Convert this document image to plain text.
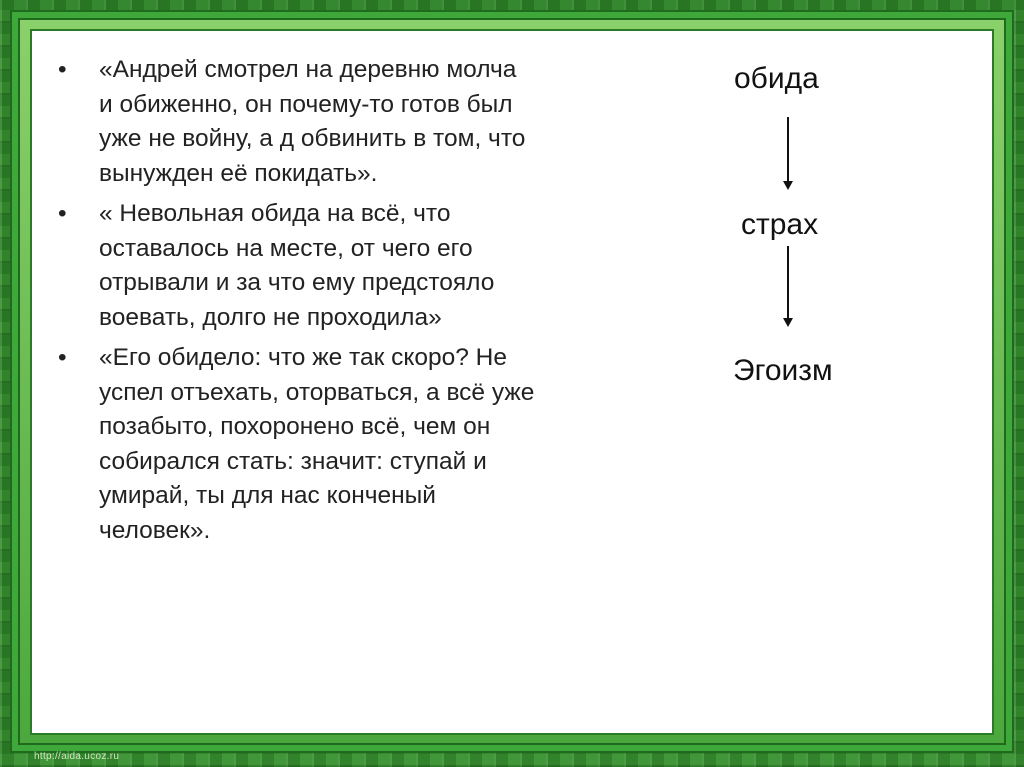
• «Андрей смотрел на деревню молча
и обиженно, он почему-то готов был
уже не войну, а д обвинить в том, что
вынужден её покидать».
• « Невольная обида на всё, что
оставалось на месте, от чего его
отрывали и за что ему предстояло
воевать, долго не проходила»
• «Его обидело: что же так скоро? Не
успел отъехать, оторваться, а всё уже
позабыто, похоронено всё, чем он
собирался стать: значит: ступай и
умирай, ты для нас конченый
человек».
обида
страх
Эгоизм
http://aida.ucoz.ru
